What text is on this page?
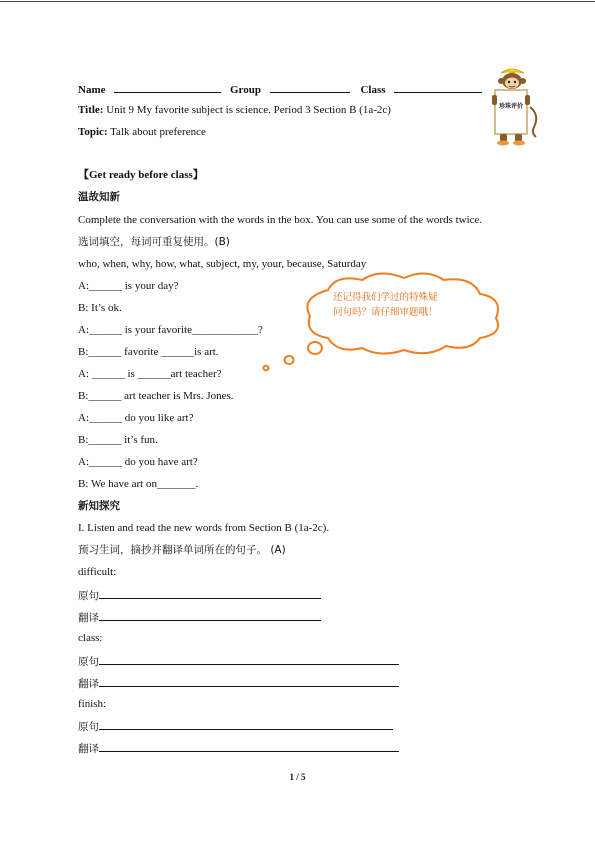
Name	Group	Class
Title: Unit 9 My favorite subject is science. Period 3 Section B (1a-2c)
Topic: Talk about preference
珍珠评价
【Get ready before class】
温故知新
Complete the conversation with the words in the box. You can use some of the words twice.
选词填空，每词可重复使用。(B)
who, when, why, how, what, subject, my, your, because, Saturday
A:______ is your day?
B: It’s ok.
A:______ is your favorite____________?
B:______ favorite ______is art.
A: ______ is ______art teacher?
B:______ art teacher is Mrs. Jones.
A:______ do you like art?
B:______ it’s fun.
A:______ do you have art?
B: We have art on_______.
还记得我们学过的特殊疑
问句吗？请仔细审题哦！
新知探究
I. Listen and read the new words from Section B (1a-2c).
预习生词，摘抄并翻译单词所在的句子。 (A)
difficult:
原句
翻译
class:
原句
翻译
finish:
原句
翻译
1 / 5
